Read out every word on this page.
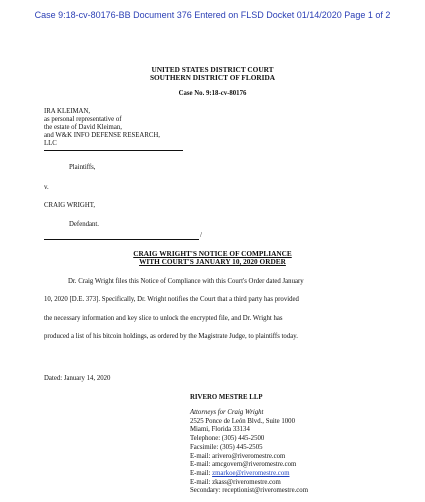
Case 9:18-cv-80176-BB Document 376 Entered on FLSD Docket 01/14/2020 Page 1 of 2
UNITED STATES DISTRICT COURT
SOUTHERN DISTRICT OF FLORIDA
Case No. 9:18-cv-80176
IRA KLEIMAN,
as personal representative of
the estate of David Kleiman,
and W&K INFO DEFENSE RESEARCH,
LLC
Plaintiffs,
v.
CRAIG WRIGHT,
Defendant.
/
CRAIG WRIGHT'S NOTICE OF COMPLIANCE
WITH COURT'S JANUARY 10, 2020 ORDER
Dr. Craig Wright files this Notice of Compliance with this Court's Order dated January
10, 2020 [D.E. 373]. Specifically, Dr. Wright notifies the Court that a third party has provided
the necessary information and key slice to unlock the encrypted file, and Dr. Wright has
produced a list of his bitcoin holdings, as ordered by the Magistrate Judge, to plaintiffs today.
Dated: January 14, 2020
RIVERO MESTRE LLP
Attorneys for Craig Wright
2525 Ponce de León Blvd., Suite 1000
Miami, Florida 33134
Telephone: (305) 445-2500
Facsimile: (305) 445-2505
E-mail: arivero@riveromestre.com
E-mail: amcgovern@riveromestre.com
E-mail: zmarkoe@riveromestre.com
E-mail: zkass@riveromestre.com
Secondary: receptionist@riveromestre.com
